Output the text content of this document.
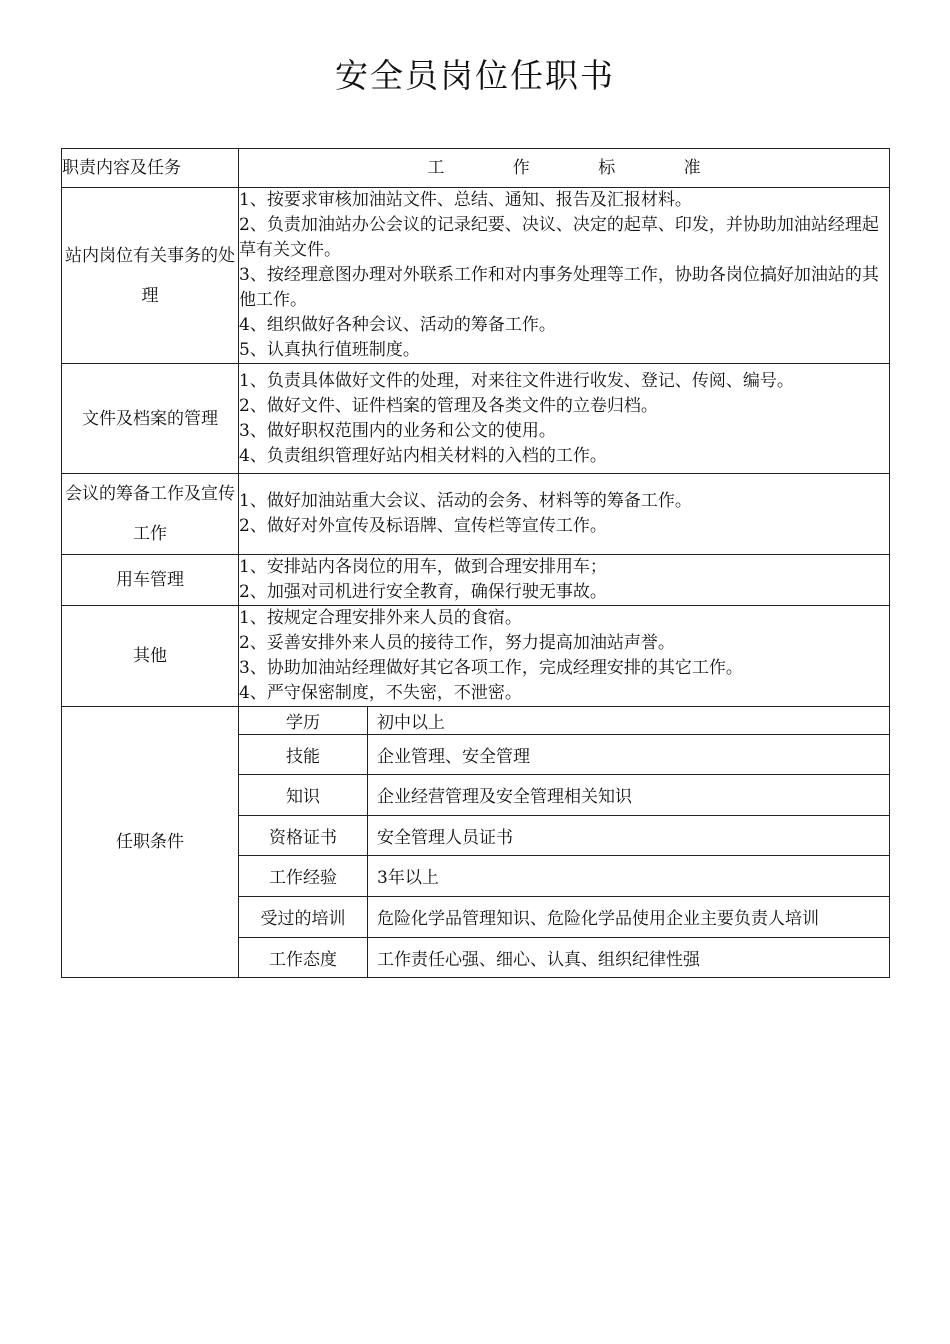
安全员岗位任职书
职责内容及任务	工	作	标	准
站内岗位有关事务的处理	
1、按要求审核加油站文件、总结、通知、报告及汇报材料。
2、负责加油站办公会议的记录纪要、决议、决定的起草、印发，并协助加油站经理起草有关文件。
3、按经理意图办理对外联系工作和对内事务处理等工作，协助各岗位搞好加油站的其他工作。
4、组织做好各种会议、活动的筹备工作。
5、认真执行值班制度。

文件及档案的管理	
1、负责具体做好文件的处理，对来往文件进行收发、登记、传阅、编号。
2、做好文件、证件档案的管理及各类文件的立卷归档。
3、做好职权范围内的业务和公文的使用。
4、负责组织管理好站内相关材料的入档的工作。

会议的筹备工作及宣传工作	
1、做好加油站重大会议、活动的会务、材料等的筹备工作。
2、做好对外宣传及标语牌、宣传栏等宣传工作。

用车管理	
1、安排站内各岗位的用车，做到合理安排用车；
2、加强对司机进行安全教育，确保行驶无事故。

其他	
1、按规定合理安排外来人员的食宿。
2、妥善安排外来人员的接待工作，努力提高加油站声誉。
3、协助加油站经理做好其它各项工作，完成经理安排的其它工作。
4、严守保密制度，不失密，不泄密。

任职条件	
学历	初中以上
技能	企业管理、安全管理
知识	企业经营管理及安全管理相关知识
资格证书	安全管理人员证书
工作经验	3年以上
受过的培训	危险化学品管理知识、危险化学品使用企业主要负责人培训
工作态度	工作责任心强、细心、认真、组织纪律性强
